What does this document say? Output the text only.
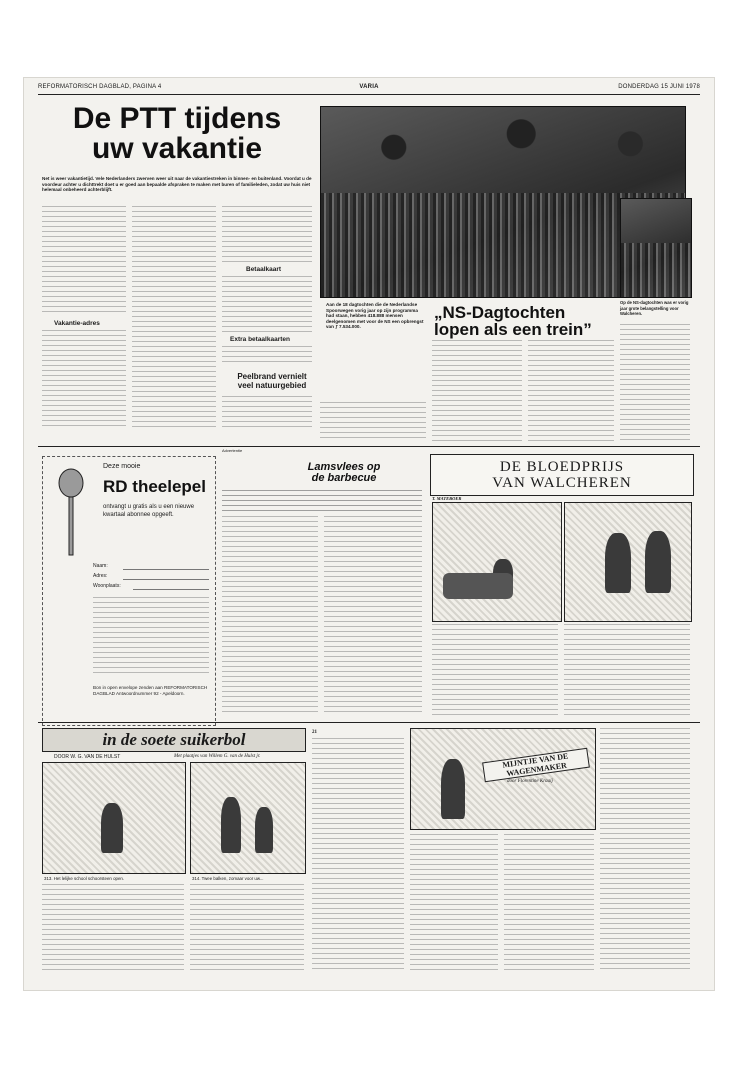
REFORMATORISCH DAGBLAD, PAGINA 4	VARIA	DONDERDAG 15 JUNI 1978
De PTT tijdens
uw vakantie
Net is weer vakantietijd. Vele Nederlanders zwerven weer uit naar de vakantiestreken in binnen- en buitenland. Voordat u de voordeur achter u dichttrekt doet u er goed aan bepaalde afspraken te maken met buren of familieleden, zodat uw huis niet helemaal onbeheerd achterblijft.
Vakantie-adres
Betaalkaart
Extra betaalkaarten
Peelbrand vernielt veel natuurgebied
Aan de 18 dagtochten die de Nederlandse Spoorwegen vorig jaar op zijn programma had staan, hebben 418.888 mensen deelgenomen met voor de NS een opbrengst van ƒ 7.534.000.
„NS-Dagtochten lopen als een trein”
Op de NS-dagtochten was er vorig jaar grote belangstelling voor Walcheren.
Advertentie
Deze mooie
RD theelepel
ontvangt u gratis als u een nieuwe kwartaal abonnee opgeeft.
Naam:
Adres:
Woonplaats:
Bon in open envelope zenden aan REFORMATORISCH DAGBLAD Antwoordnummer 92 - Apeldoorn.
Lamsvlees op
de barbecue
DE BLOEDPRIJS
VAN WALCHEREN
T. MATEBOER
in de soete suikerbol
DOOR W. G. VAN DE HULST	Met plaatjes van Willem G. van de Hulst jr.
313. Het lelijke school schoorsteen open.	314. Twee balken, zomaar voor uw...
21
MIJNTJE VAN DE WAGENMAKER
door Florentine Kraaij
